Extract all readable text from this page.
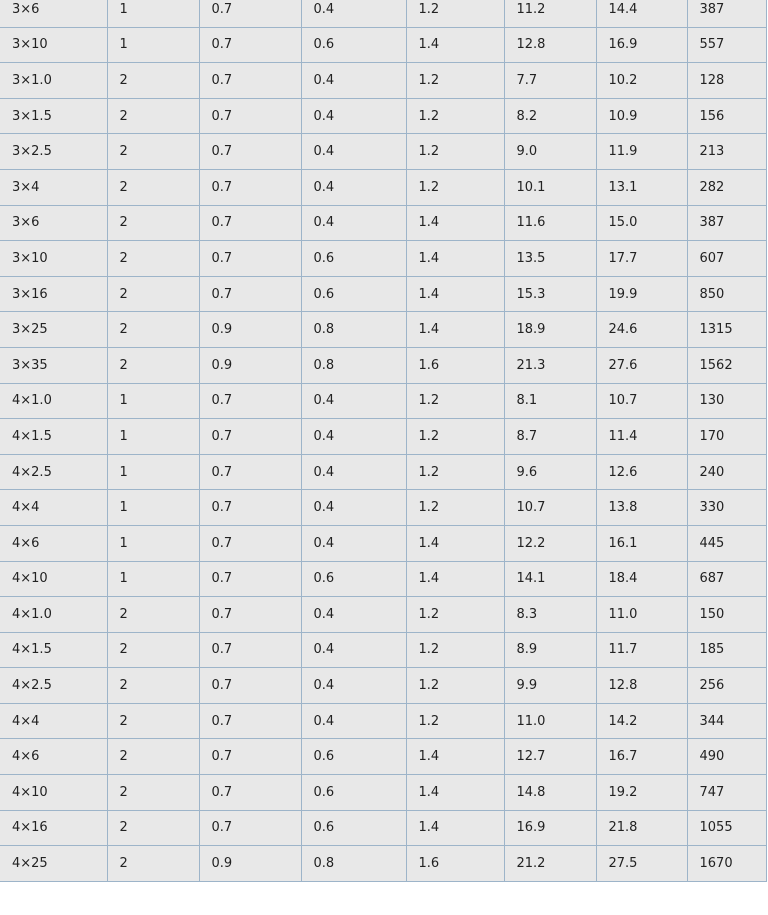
3×6	1	0.7	0.4	1.2	11.2	14.4	387
3×10	1	0.7	0.6	1.4	12.8	16.9	557
3×1.0	2	0.7	0.4	1.2	7.7	10.2	128
3×1.5	2	0.7	0.4	1.2	8.2	10.9	156
3×2.5	2	0.7	0.4	1.2	9.0	11.9	213
3×4	2	0.7	0.4	1.2	10.1	13.1	282
3×6	2	0.7	0.4	1.4	11.6	15.0	387
3×10	2	0.7	0.6	1.4	13.5	17.7	607
3×16	2	0.7	0.6	1.4	15.3	19.9	850
3×25	2	0.9	0.8	1.4	18.9	24.6	1315
3×35	2	0.9	0.8	1.6	21.3	27.6	1562
4×1.0	1	0.7	0.4	1.2	8.1	10.7	130
4×1.5	1	0.7	0.4	1.2	8.7	11.4	170
4×2.5	1	0.7	0.4	1.2	9.6	12.6	240
4×4	1	0.7	0.4	1.2	10.7	13.8	330
4×6	1	0.7	0.4	1.4	12.2	16.1	445
4×10	1	0.7	0.6	1.4	14.1	18.4	687
4×1.0	2	0.7	0.4	1.2	8.3	11.0	150
4×1.5	2	0.7	0.4	1.2	8.9	11.7	185
4×2.5	2	0.7	0.4	1.2	9.9	12.8	256
4×4	2	0.7	0.4	1.2	11.0	14.2	344
4×6	2	0.7	0.6	1.4	12.7	16.7	490
4×10	2	0.7	0.6	1.4	14.8	19.2	747
4×16	2	0.7	0.6	1.4	16.9	21.8	1055
4×25	2	0.9	0.8	1.6	21.2	27.5	1670
